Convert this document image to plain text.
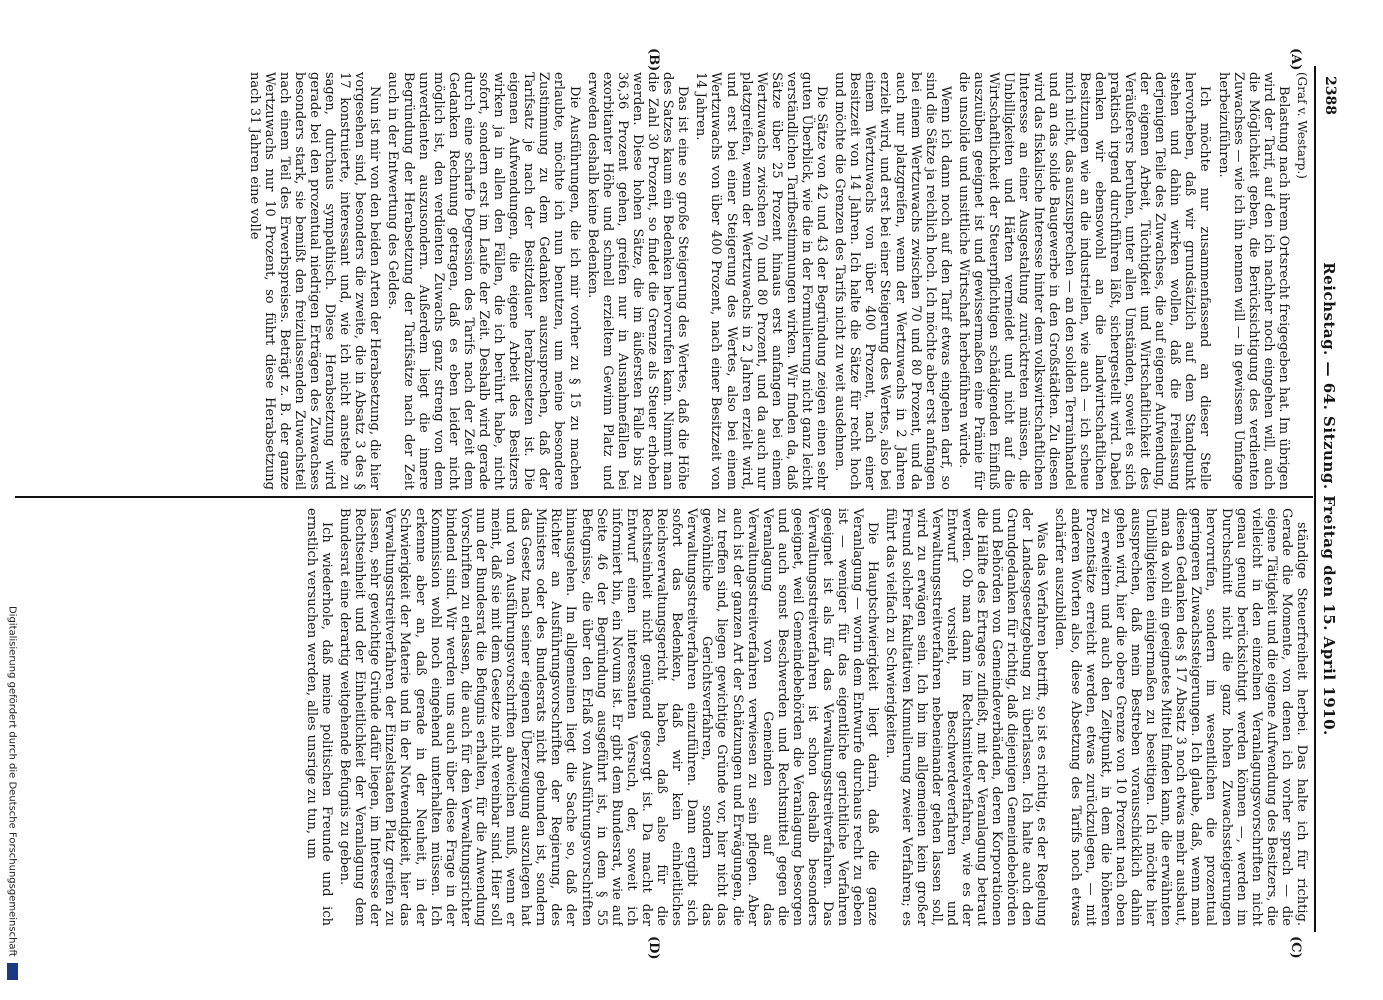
2388
Reichstag. — 64. Sitzung. Freitag den 15. April 1910.
(A)
(B)
(C)
(D)

(Graf v. Westarp.)

Belastung nach ihrem Ortsrecht freigegeben hat. Im übrigen wird der Tarif, auf den ich nachher noch eingehen will, auch die Möglichkeit geben, die Berücksichtigung des verdienten Zuwachses — wie ich ihn nennen will — in gewissem Umfange herbeizuführen.

Ich möchte nur zusammenfassend an dieser Stelle hervorheben, daß wir grundsätzlich auf dem Standpunkt stehen und dahin wirken wollen, daß die Freilassung derjenigen Teile des Zuwachses, die auf eigener Aufwendung, der eigenen Arbeit, Tüchtigkeit und Wirtschaftlichkeit des Veräußerers beruhen, unter allen Umständen, soweit es sich praktisch irgend durchführen läßt, sichergestellt wird. Dabei denken wir ebensowohl an die landwirtschaftlichen Besitzungen wie an die industriellen, wie auch — ich scheue mich nicht, das auszusprechen — an den soliden Terrainhandel und an das solide Baugewerbe in den Großstädten. Zu diesen wird das fiskalische Interesse hinter dem volkswirtschaftlichen Interesse an einer Ausgestaltung zurücktreten müssen, die Unbilligkeiten und Härten vermeidet und nicht auf die Wirtschaftlichkeit der Steuerpflichtigen schädigenden Einfluß auszuüben geeignet ist und gewissermaßen eine Prämie für die unsolide und unsittliche Wirtschaft herbeiführen würde.

Wenn ich dann noch auf den Tarif etwas eingehen darf, so sind die Sätze ja reichlich hoch. Ich möchte aber erst anfangen bei einem Wertzuwachs zwischen 70 und 80 Prozent, und da auch nur platzgreifen, wenn der Wertzuwachs in 2 Jahren erzielt wird, und erst bei einer Steigerung des Wertes, also bei einem Wertzuwachs von über 400 Prozent, nach einer Besitzzeit von 14 Jahren. Ich halte die Sätze für recht hoch und möchte die Grenzen des Tarifs nicht zu weit ausdehnen.

Die Sätze von 42 und 43 der Begründung zeigen einen sehr guten Überblick, wie die in der Formulierung nicht ganz leicht verständlichen Tarifbestimmungen wirken. Wir finden da, daß Sätze über 25 Prozent hinaus erst anfangen bei einem Wertzuwachs zwischen 70 und 80 Prozent, und da auch nur platzgreifen, wenn der Wertzuwachs in 2 Jahren erzielt wird, und erst bei einer Steigerung des Wertes, also bei einem Wertzuwachs von über 400 Prozent, nach einer Besitzzeit von 14 Jahren.

Das ist eine so große Steigerung des Wertes, daß die Höhe des Satzes kaum ein Bedenken hervorrufen kann. Nimmt man die Zahl 30 Prozent, so findet die Grenze als Steuer erhoben werden. Diese hohen Sätze, die im äußersten Falle bis zu 36,36 Prozent gehen, greifen nur in Ausnahmefällen bei exorbitanter Höhe und schnell erzieltem Gewinn Platz und erweden deshalb keine Bedenken.

Die Ausführungen, die ich mir vorher zu § 15 zu machen erlaubte, möchte ich nun benutzen, um meine besondere Zustimmung zu dem Gedanken auszusprechen, daß der Tarifsatz je nach der Besitzdauer herabzusetzen ist. Die eigenen Aufwendungen, die eigene Arbeit des Besitzers wirken ja in allen den Fällen, die ich berührt habe, nicht sofort, sondern erst im Laufe der Zeit. Deshalb wird gerade durch eine scharfe Degression des Tarifs nach der Zeit dem Gedanken Rechnung getragen, daß es eben leider nicht möglich ist, den verdienten Zuwachs ganz streng von dem unverdienten auszusondern. Außerdem liegt die innere Begründung der Herabsetzung der Tarifsätze nach der Zeit auch in der Entwertung des Geldes.

Nun ist mir von den beiden Arten der Herabsetzung, die hier vorgesehen sind, besonders die zweite, die in Absatz 3 des § 17 konstruierte, interessant und, wie ich nicht anstehe zu sagen, durchaus sympathisch. Diese Herabsetzung wird gerade bei den prozentual niedrigen Erträgen des Zuwachses besonders stark, sie bemißt den freizulassenden Zuwachsteil nach einem Teil des Erwerbspreises. Beträgt z. B. der ganze Wertzuwachs nur 10 Prozent, so führt diese Herabsetzung nach 31 Jahren eine volle

ständige Steuerfreiheit herbei. Das halte ich für richtig. Gerade die Momente, von denen ich vorher sprach — die eigene Tätigkeit und die eigene Aufwendung des Besitzers, die vielleicht in den einzelnen Veranlagungsvorschriften nicht genau genug berücksichtigt werden können —, werden im Durchschnitt nicht die ganz hohen Zuwachssteigerungen hervorrufen, sondern im wesentlichen die prozentual geringeren Zuwachssteigerungen. Ich glaube, daß, wenn man diesen Gedanken des § 17 Absatz 3 noch etwas mehr ausbaut, man da wohl ein geeignetes Mittel finden kann, die erwähnten Unbilligkeiten einigermaßen zu beseitigen. Ich möchte hier aussprechen, daß mein Bestreben vorausschicklich dahin gehen wird, hier die obere Grenze von 10 Prozent nach oben zu erweitern und auch den Zeitpunkt, in dem die höheren Prozentsätze erreicht werden, etwas zurückzulegen, — mit anderen Worten also, diese Absetzung des Tarifs noch etwas schärfer auszubilden.

Was das Verfahren betrifft, so ist es richtig, es der Regelung der Landesgesetzgebung zu überlassen. Ich halte auch den Grundgedanken für richtig, daß diejenigen Gemeindebehörden und Behörden von Gemeindeverbänden, deren Korporationen die Hälfte des Ertrages zufließt, mit der Veranlagung betraut werden. Ob man dann im Rechtsmittelverfahren, wie es der Entwurf vorsieht, Beschwerdeverfahren und Verwaltungsstreitverfahren nebeneinander gehen lassen soll, wird zu erwägen sein. Ich bin im allgemeinen kein großer Freund solcher fakultativen Kumulierung zweier Verfahren; es führt das vielfach zu Schwierigkeiten.

Die Hauptschwierigkeit liegt darin, daß die ganze Veranlagung — worin dem Entwurfe durchaus recht zu geben ist — weniger für das eigentliche gerichtliche Verfahren geeignet ist als für das Verwaltungsstreitverfahren. Das Verwaltungsstreitverfahren ist schon deshalb besonders geeignet, weil Gemeindebehörden die Veranlagung besorgen und auch sonst Beschwerden und Rechtsmittel gegen die Veranlagung von Gemeinden auf das Verwaltungsstreitverfahren verwiesen zu sein pflegen. Aber auch ist der ganzen Art der Schätzungen und Erwägungen, die zu treffen sind, liegen gewichtige Gründe vor, hier nicht das gewöhnliche Gerichtsverfahren, sondern das Verwaltungsstreitverfahren einzuführen. Dann ergibt sich sofort das Bedenken, daß wir kein einheitliches Reichsverwaltungsgericht haben, daß also für die Rechtseinheit nicht genügend gesorgt ist. Da macht der Entwurf einen interessanten Versuch, der, soweit ich informiert bin, ein Novum ist. Er gibt dem Bundesrat, wie auf Seite 46 der Begründung ausgeführt ist, in dem § 55 Befugnisse, die über den Erlaß von Ausführungsvorschriften hinausgehen. Im allgemeinen liegt die Sache so, daß der Richter an Ausführungsvorschriften der Regierung, des Ministers oder des Bundesrats nicht gebunden ist, sondern das Gesetz nach seiner eigenen Überzeugung auszulegen hat und von Ausführungsvorschriften abweichen muß, wenn er meint, daß sie mit dem Gesetze nicht vereinbar sind. Hier soll nun der Bundesrat die Befugnis erhalten, für die Anwendung Vorschriften zu erlassen, die auch für den Verwaltungsrichter bindend sind. Wir werden uns auch über diese Frage in der Kommission wohl noch eingehend unterhalten müssen. Ich erkenne aber an, daß gerade in der Neuheit, in der Schwierigkeit der Materie und in der Notwendigkeit, hier das Verwaltungsstreitverfahren der Einzelstaaten Platz greifen zu lassen, sehr gewichtige Gründe dafür liegen, im Interesse der Rechtseinheit und der Einheitlichkeit der Veranlagung dem Bundesrat eine derartig weitgehende Befugnis zu geben.

Ich wiederhole, daß meine politischen Freunde und ich ernstlich versuchen werden, alles unsrige zu tun, um

Digitalisierung gefördert durch die Deutsche Forschungsgemeinschaft
